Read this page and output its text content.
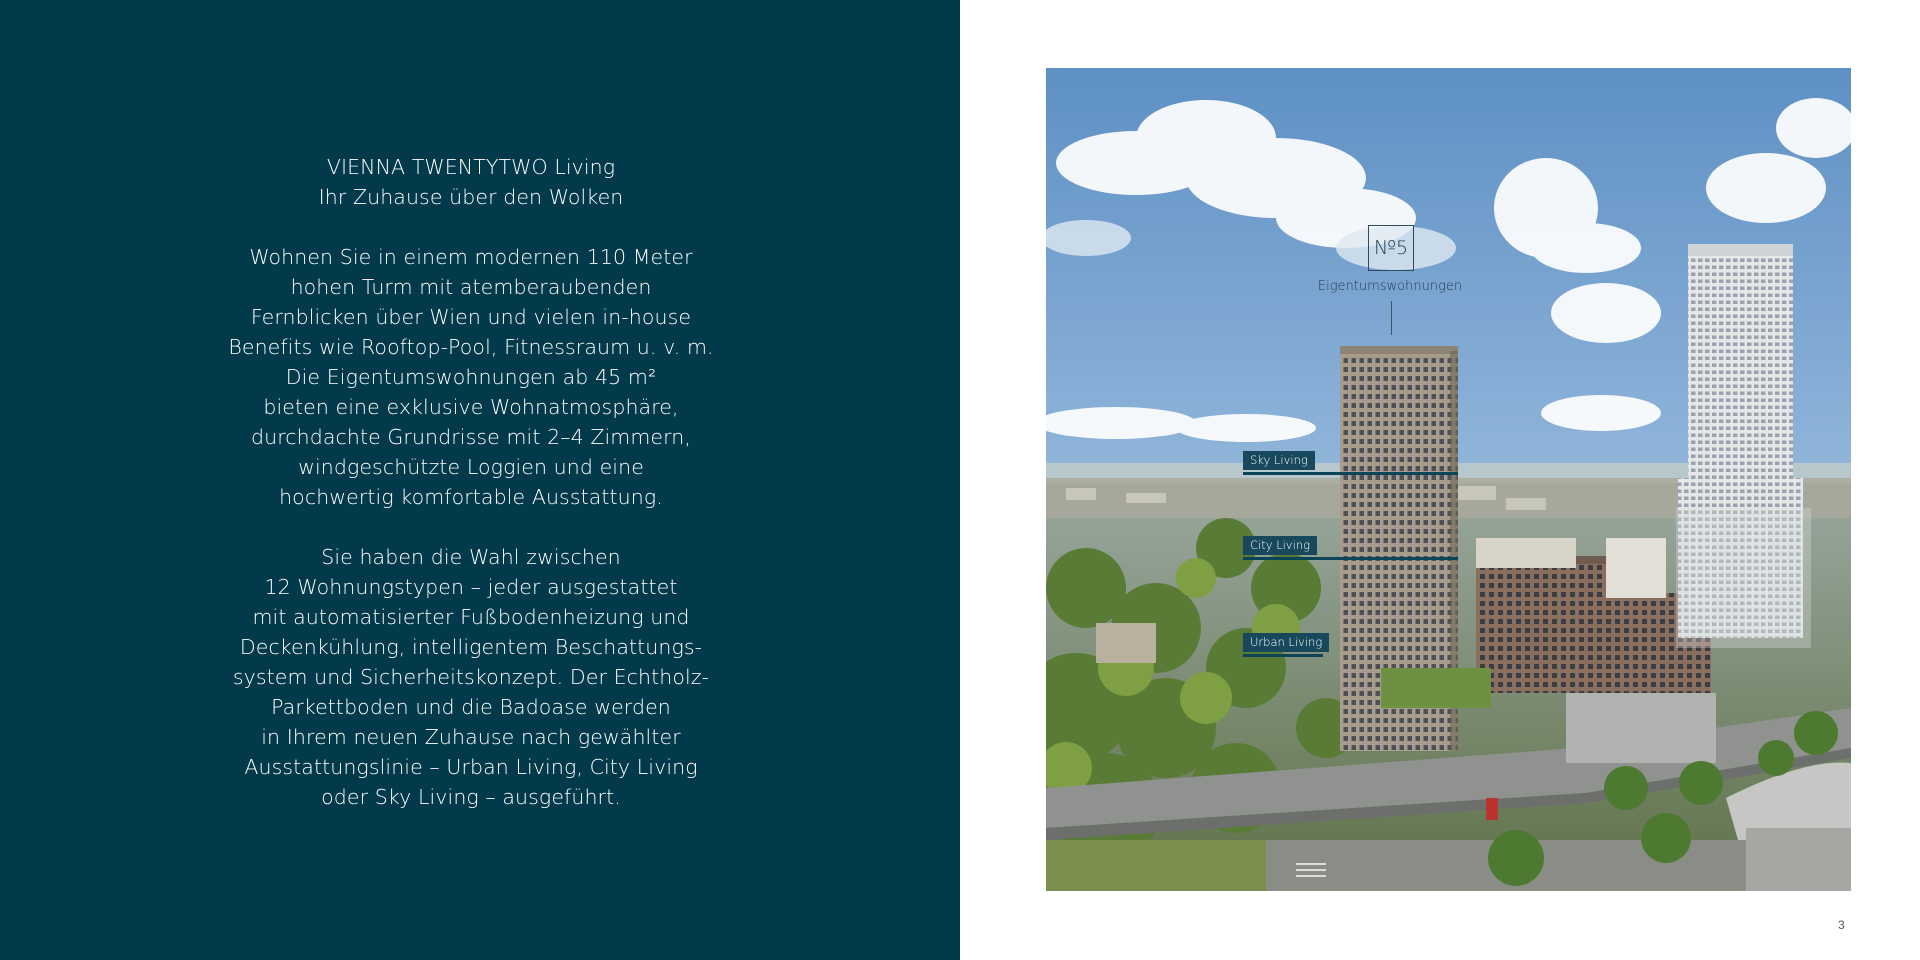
VIENNA TWENTYTWO Living
Ihr Zuhause über den Wolken

Wohnen Sie in einem modernen 110 Meter
hohen Turm mit atemberaubenden
Fernblicken über Wien und vielen in-house
Benefits wie Rooftop-Pool, Fitnessraum u. v. m.
Die Eigentumswohnungen ab 45 m²
bieten eine exklusive Wohnatmosphäre,
durchdachte Grundrisse mit 2–4 Zimmern,
windgeschützte Loggien und eine
hochwertig komfortable Ausstattung.

Sie haben die Wahl zwischen
12 Wohnungstypen – jeder ausgestattet
mit automatisierter Fußbodenheizung und
Deckenkühlung, intelligentem Beschattungs-
system und Sicherheitskonzept. Der Echtholz-
Parkettboden und die Badoase werden
in Ihrem neuen Zuhause nach gewählter
Ausstattungslinie – Urban Living, City Living
oder Sky Living – ausgeführt.

№5
Eigentumswohnungen
Sky Living
City Living
Urban Living
3
